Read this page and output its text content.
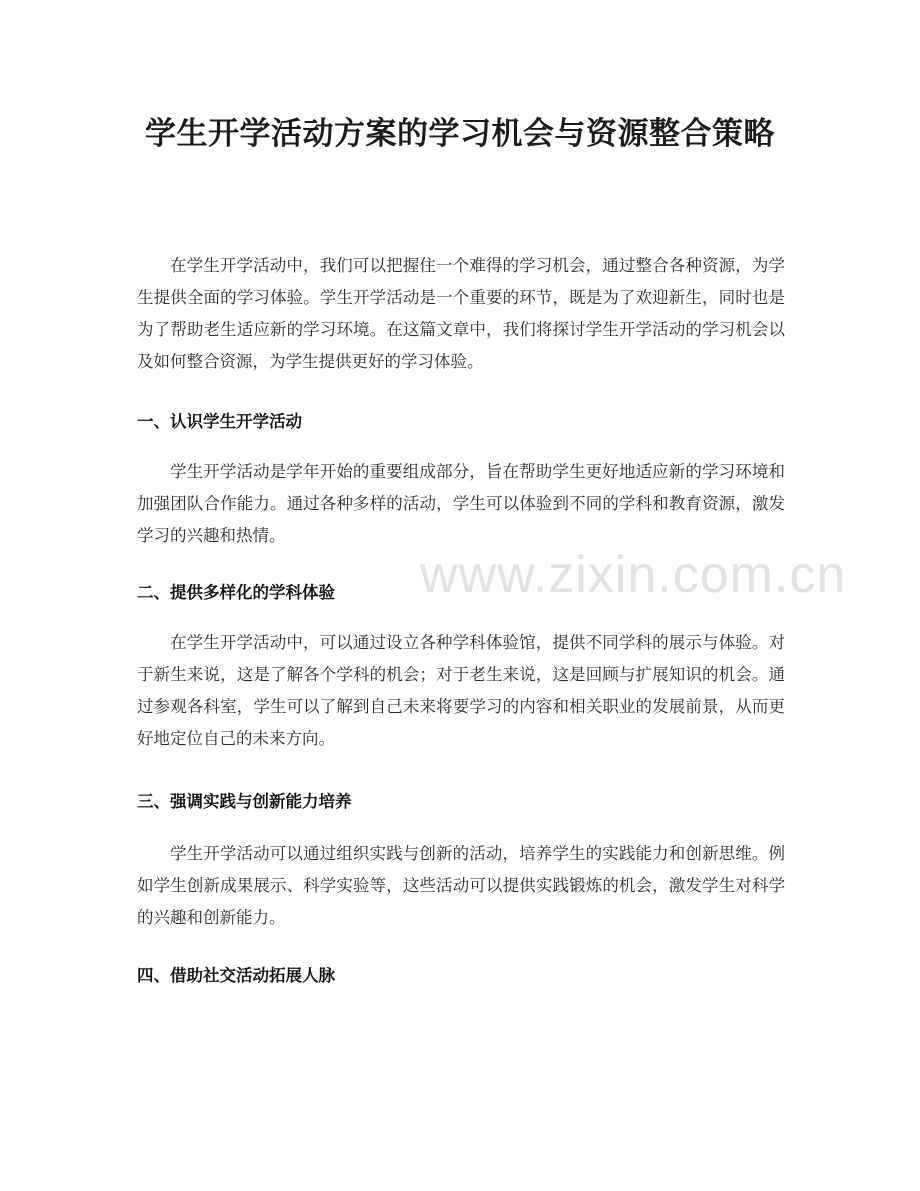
www.zixin.com.cn
学生开学活动方案的学习机会与资源整合策略

在学生开学活动中，我们可以把握住一个难得的学习机会，通过整合各种资源，为学生提供全面的学习体验。学生开学活动是一个重要的环节，既是为了欢迎新生，同时也是为了帮助老生适应新的学习环境。在这篇文章中，我们将探讨学生开学活动的学习机会以及如何整合资源，为学生提供更好的学习体验。

一、认识学生开学活动

学生开学活动是学年开始的重要组成部分，旨在帮助学生更好地适应新的学习环境和加强团队合作能力。通过各种多样的活动，学生可以体验到不同的学科和教育资源，激发学习的兴趣和热情。

二、提供多样化的学科体验

在学生开学活动中，可以通过设立各种学科体验馆，提供不同学科的展示与体验。对于新生来说，这是了解各个学科的机会；对于老生来说，这是回顾与扩展知识的机会。通过参观各科室，学生可以了解到自己未来将要学习的内容和相关职业的发展前景，从而更好地定位自己的未来方向。

三、强调实践与创新能力培养

学生开学活动可以通过组织实践与创新的活动，培养学生的实践能力和创新思维。例如学生创新成果展示、科学实验等，这些活动可以提供实践锻炼的机会，激发学生对科学的兴趣和创新能力。

四、借助社交活动拓展人脉
